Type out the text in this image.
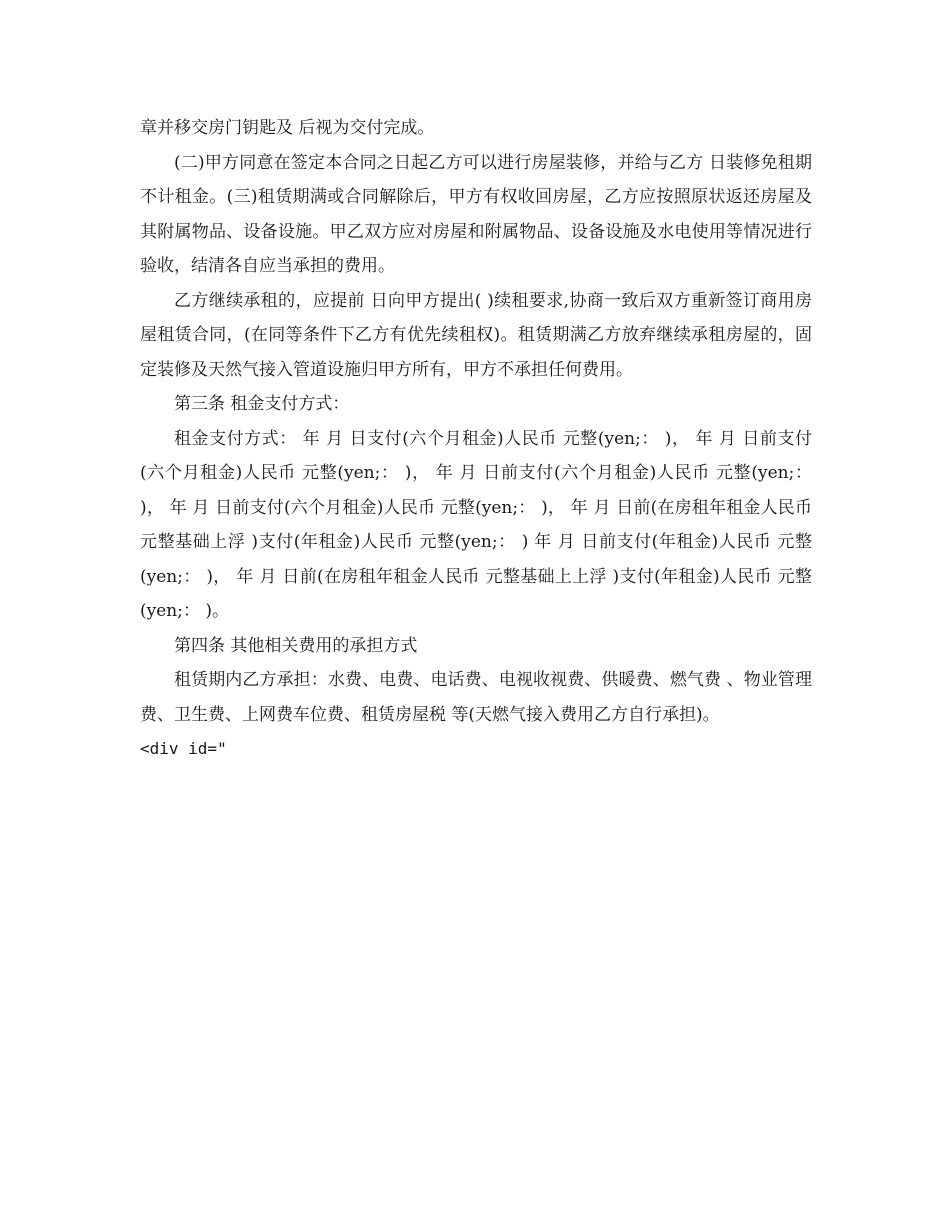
章并移交房门钥匙及 后视为交付完成。

(二)甲方同意在签定本合同之日起乙方可以进行房屋装修，并给与乙方 日装修免租期不计租金。(三)租赁期满或合同解除后，甲方有权收回房屋，乙方应按照原状返还房屋及其附属物品、设备设施。甲乙双方应对房屋和附属物品、设备设施及水电使用等情况进行验收，结清各自应当承担的费用。

乙方继续承租的，应提前 日向甲方提出( )续租要求,协商一致后双方重新签订商用房屋租赁合同，(在同等条件下乙方有优先续租权)。租赁期满乙方放弃继续承租房屋的，固定装修及天然气接入管道设施归甲方所有，甲方不承担任何费用。

第三条 租金支付方式：

租金支付方式： 年 月 日支付(六个月租金)人民币 元整(yen;： )， 年 月 日前支付(六个月租金)人民币 元整(yen;： )， 年 月 日前支付(六个月租金)人民币 元整(yen;： )， 年 月 日前支付(六个月租金)人民币 元整(yen;： )， 年 月 日前(在房租年租金人民币 元整基础上浮 )支付(年租金)人民币 元整(yen;： ) 年 月 日前支付(年租金)人民币 元整(yen;： )， 年 月 日前(在房租年租金人民币 元整基础上上浮 )支付(年租金)人民币 元整(yen;： )。

第四条 其他相关费用的承担方式

租赁期内乙方承担：水费、电费、电话费、电视收视费、供暖费、燃气费 、物业管理费、卫生费、上网费车位费、租赁房屋税 等(天燃气接入费用乙方自行承担)。

<div id="
